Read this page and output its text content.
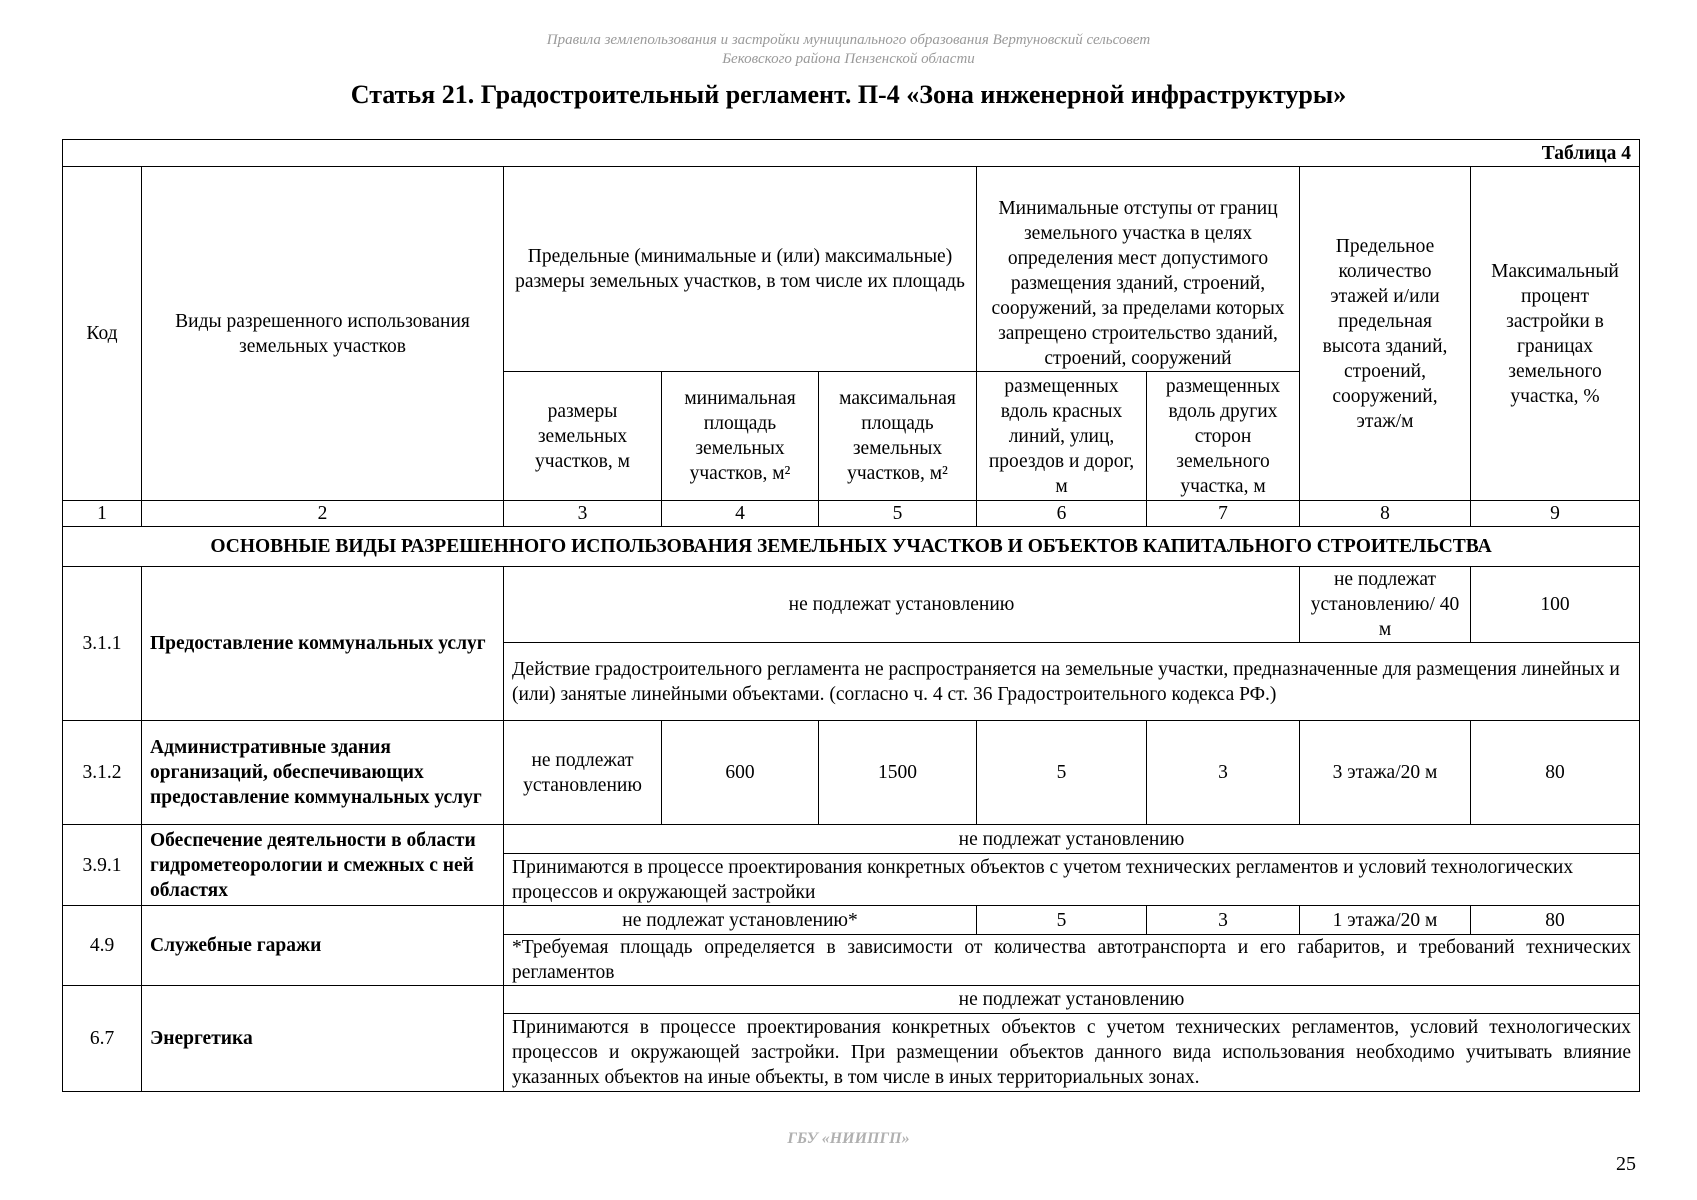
Правила землепользования и застройки муниципального образования Вертуновский сельсовет
Бековского района Пензенской области
Статья 21. Градостроительный регламент. П-4 «Зона инженерной инфраструктуры»
Таблица 4								
Код	Виды разрешенного использования земельных участков	Предельные (минимальные и (или) максимальные) размеры земельных участков, в том числе их площадь			Минимальные отступы от границ земельного участка в целях определения мест допустимого размещения зданий, строений, сооружений, за пределами которых запрещено строительство зданий, строений, сооружений		Предельное количество этажей и/или предельная высота зданий, строений, сооружений, этаж/м	Максимальный процент застройки в границах земельного участка, %
		размеры земельных участков, м	минимальная площадь земельных участков, м²	максимальная площадь земельных участков, м²	размещенных вдоль красных линий, улиц, проездов и дорог, м	размещенных вдоль других сторон земельного участка, м		
1	2	3	4	5	6	7	8	9
ОСНОВНЫЕ ВИДЫ РАЗРЕШЕННОГО ИСПОЛЬЗОВАНИЯ ЗЕМЕЛЬНЫХ УЧАСТКОВ И ОБЪЕКТОВ КАПИТАЛЬНОГО СТРОИТЕЛЬСТВА								
3.1.1	Предоставление коммунальных услуг	не подлежат установлению					не подлежат установлению/ 40 м	100
		Действие градостроительного регламента не распространяется на земельные участки, предназначенные для размещения линейных и (или) занятые линейными объектами. (согласно ч. 4 ст. 36 Градостроительного кодекса РФ.)						
3.1.2	Административные здания организаций, обеспечивающих предоставление коммунальных услуг	не подлежат установлению	600	1500	5	3	3 этажа/20 м	80
3.9.1	Обеспечение деятельности в области гидрометеорологии и смежных с ней областях	не подлежат установлению						
		Принимаются в процессе проектирования конкретных объектов с учетом технических регламентов и условий технологических процессов и окружающей застройки						
4.9	Служебные гаражи	не подлежат установлению*			5	3	1 этажа/20 м	80
		*Требуемая площадь определяется в зависимости от количества автотранспорта и его габаритов, и требований технических регламентов						
6.7	Энергетика	не подлежат установлению						
		Принимаются в процессе проектирования конкретных объектов с учетом технических регламентов, условий технологических процессов и окружающей застройки. При размещении объектов данного вида использования необходимо учитывать влияние указанных объектов на иные объекты, в том числе в иных территориальных зонах.						
ГБУ «НИИПГП»
25
